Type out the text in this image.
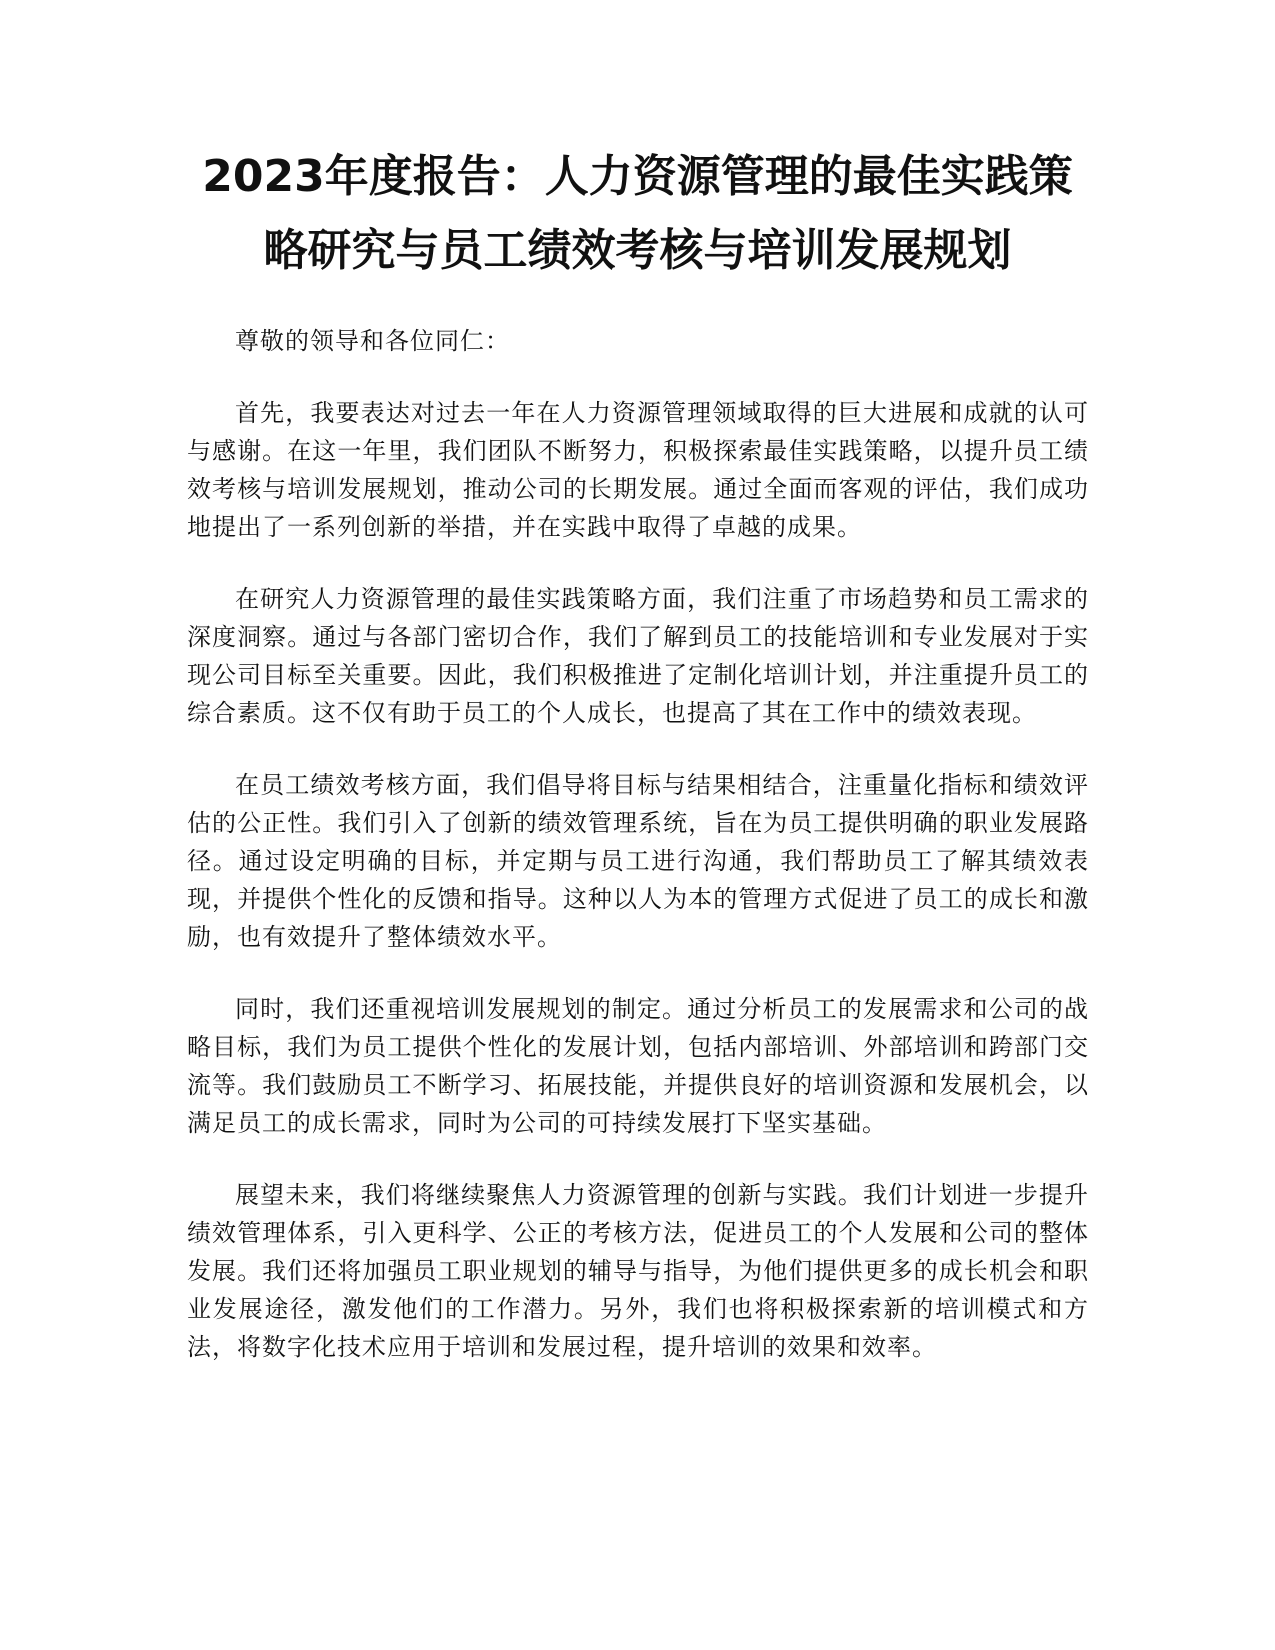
2023年度报告：人力资源管理的最佳实践策
略研究与员工绩效考核与培训发展规划

尊敬的领导和各位同仁：

首先，我要表达对过去一年在人力资源管理领域取得的巨大进展和成就的认可与感谢。在这一年里，我们团队不断努力，积极探索最佳实践策略，以提升员工绩效考核与培训发展规划，推动公司的长期发展。通过全面而客观的评估，我们成功地提出了一系列创新的举措，并在实践中取得了卓越的成果。

在研究人力资源管理的最佳实践策略方面，我们注重了市场趋势和员工需求的深度洞察。通过与各部门密切合作，我们了解到员工的技能培训和专业发展对于实现公司目标至关重要。因此，我们积极推进了定制化培训计划，并注重提升员工的综合素质。这不仅有助于员工的个人成长，也提高了其在工作中的绩效表现。

在员工绩效考核方面，我们倡导将目标与结果相结合，注重量化指标和绩效评估的公正性。我们引入了创新的绩效管理系统，旨在为员工提供明确的职业发展路径。通过设定明确的目标，并定期与员工进行沟通，我们帮助员工了解其绩效表现，并提供个性化的反馈和指导。这种以人为本的管理方式促进了员工的成长和激励，也有效提升了整体绩效水平。

同时，我们还重视培训发展规划的制定。通过分析员工的发展需求和公司的战略目标，我们为员工提供个性化的发展计划，包括内部培训、外部培训和跨部门交流等。我们鼓励员工不断学习、拓展技能，并提供良好的培训资源和发展机会，以满足员工的成长需求，同时为公司的可持续发展打下坚实基础。

展望未来，我们将继续聚焦人力资源管理的创新与实践。我们计划进一步提升绩效管理体系，引入更科学、公正的考核方法，促进员工的个人发展和公司的整体发展。我们还将加强员工职业规划的辅导与指导，为他们提供更多的成长机会和职业发展途径，激发他们的工作潜力。另外，我们也将积极探索新的培训模式和方法，将数字化技术应用于培训和发展过程，提升培训的效果和效率。
